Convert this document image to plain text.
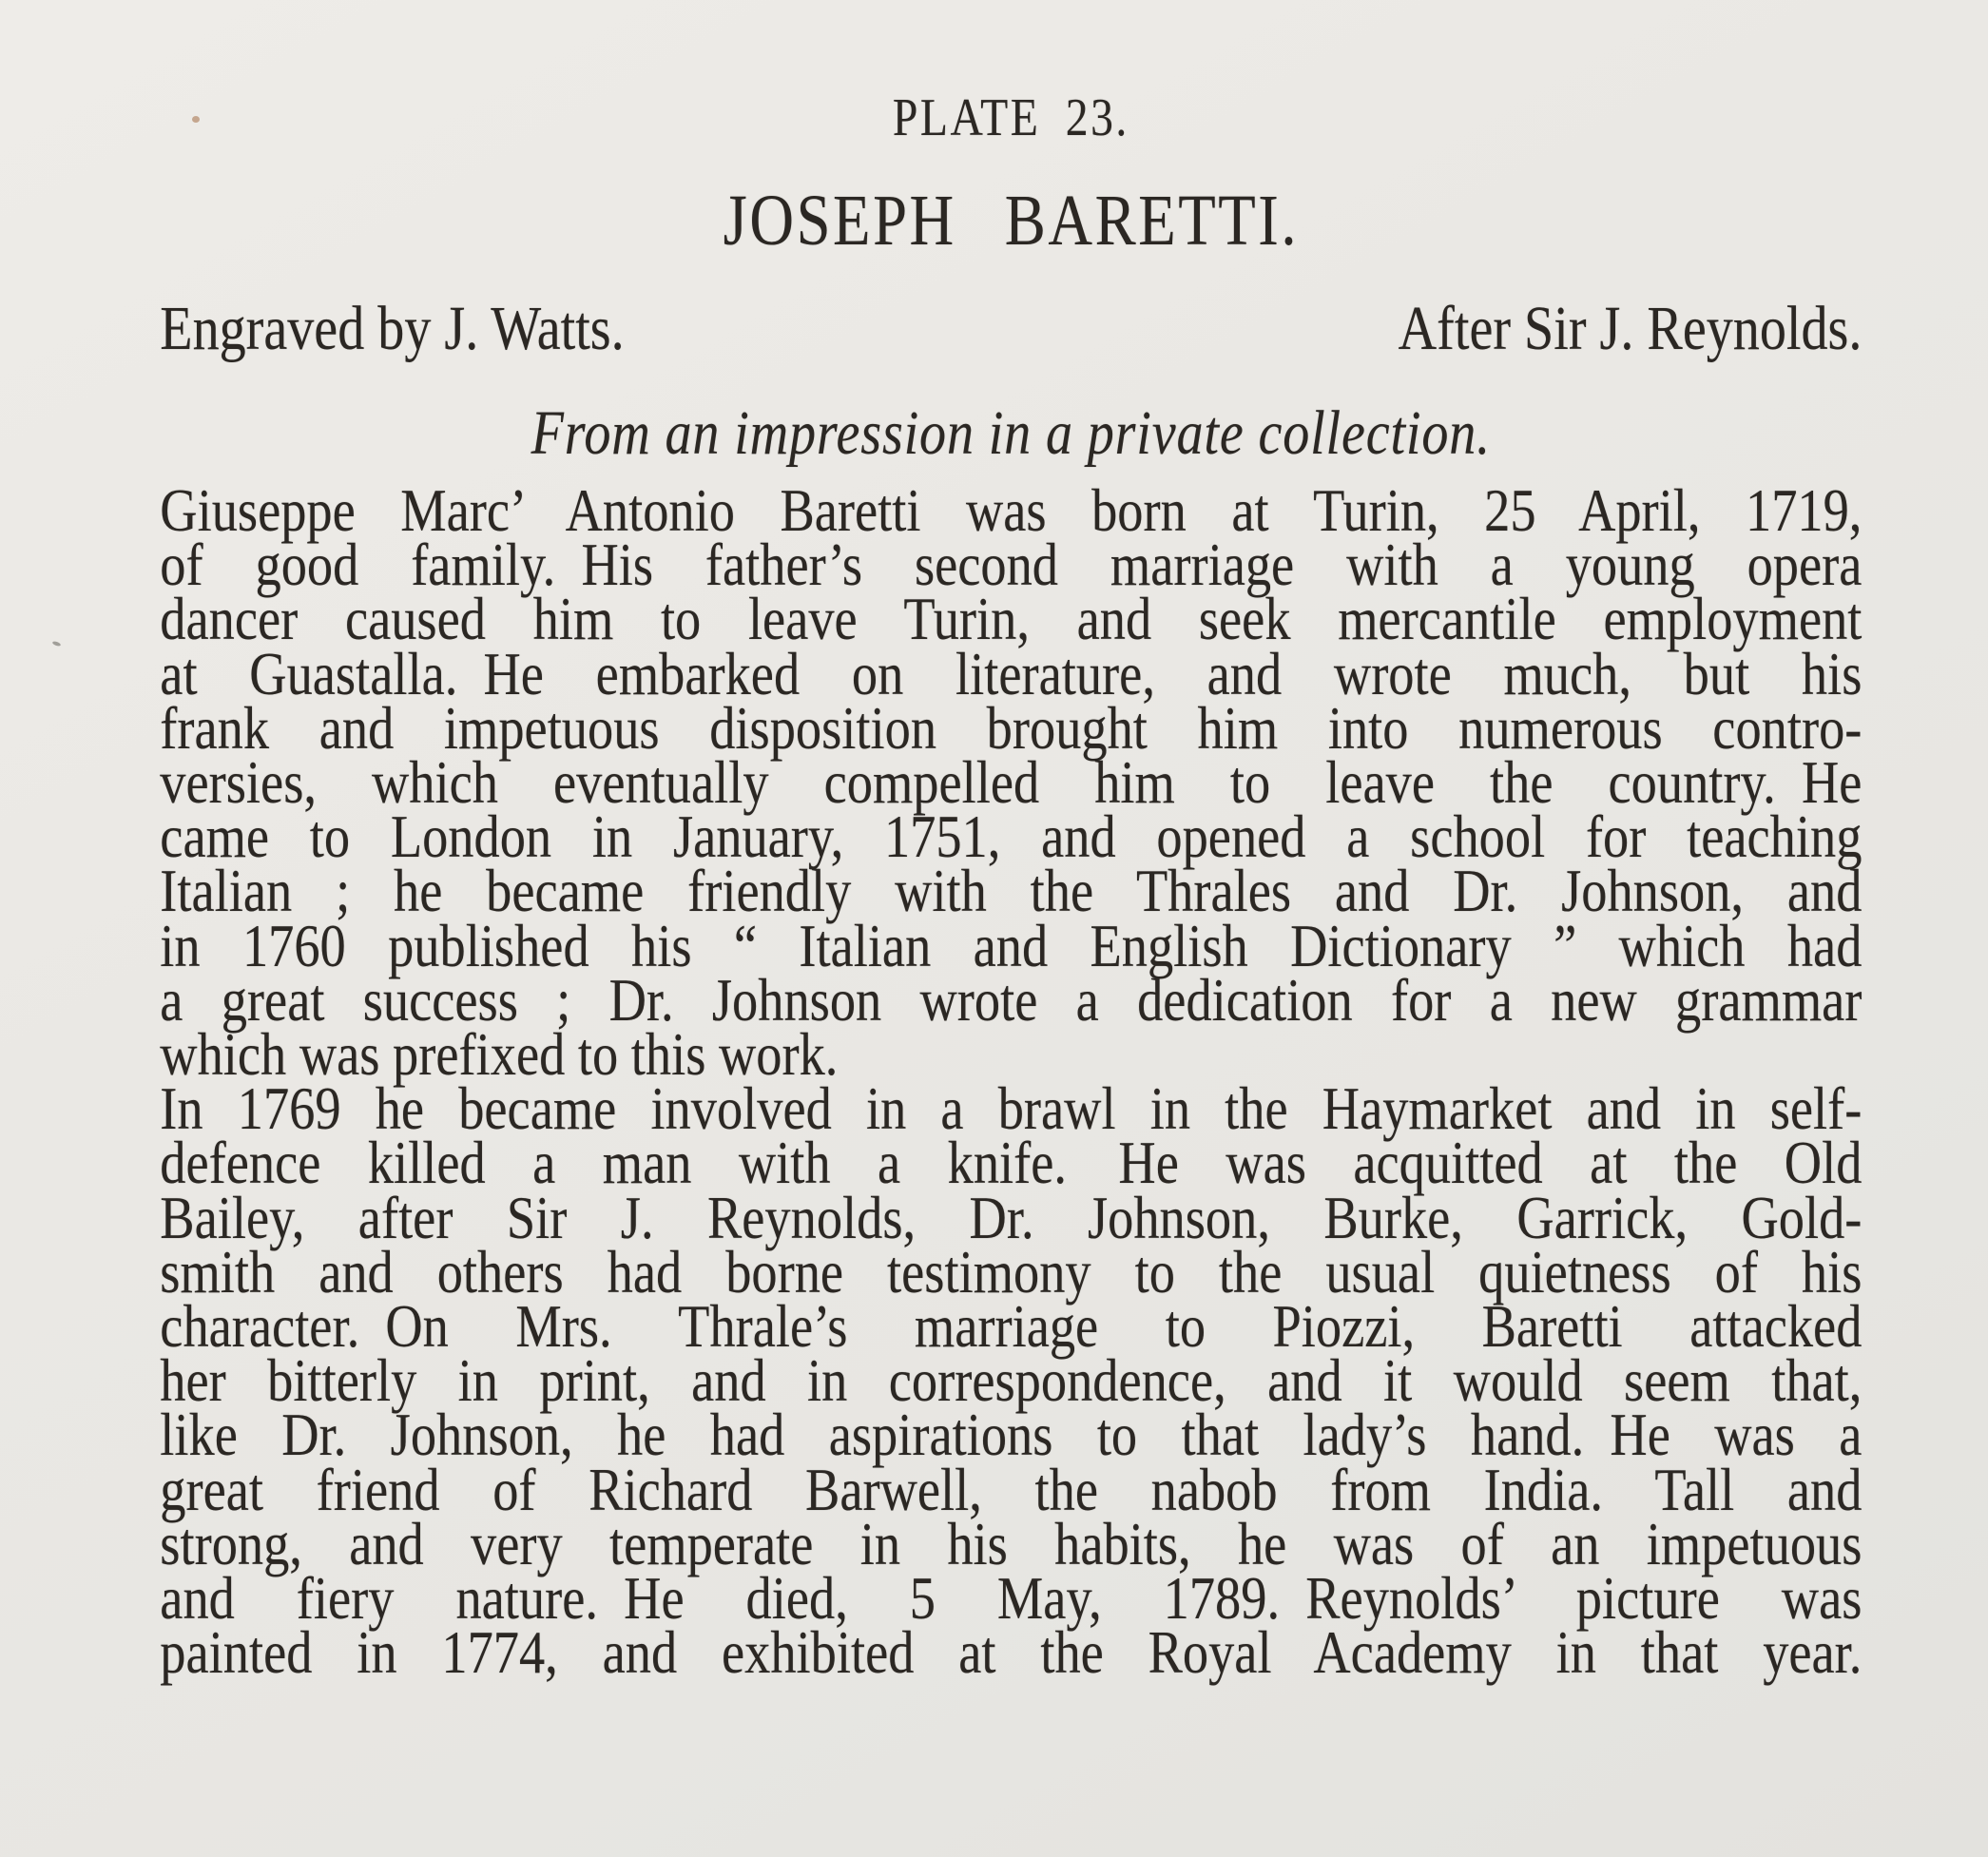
PLATE 23.
JOSEPH BARETTI.
Engraved by J. Watts.	After Sir J. Reynolds.
From an impression in a private collection.
Giuseppe Marc’ Antonio Baretti was born at Turin, 25 April, 1719,
of good family. His father’s second marriage with a young opera
dancer caused him to leave Turin, and seek mercantile employment
at Guastalla. He embarked on literature, and wrote much, but his
frank and impetuous disposition brought him into numerous contro-
versies, which eventually compelled him to leave the country. He
came to London in January, 1751, and opened a school for teaching
Italian ; he became friendly with the Thrales and Dr. Johnson, and
in 1760 published his “ Italian and English Dictionary ” which had
a great success ; Dr. Johnson wrote a dedication for a new grammar
which was prefixed to this work.
In 1769 he became involved in a brawl in the Haymarket and in self-
defence killed a man with a knife.  He was acquitted at the Old
Bailey, after Sir J. Reynolds, Dr. Johnson, Burke, Garrick, Gold-
smith and others had borne testimony to the usual quietness of his
character. On Mrs. Thrale’s marriage to Piozzi, Baretti attacked
her bitterly in print, and in correspondence, and it would seem that,
like Dr. Johnson, he had aspirations to that lady’s hand. He was a
great friend of Richard Barwell, the nabob from India.  Tall and
strong, and very temperate in his habits, he was of an impetuous
and fiery nature. He died, 5 May, 1789. Reynolds’ picture was
painted in 1774, and exhibited at the Royal Academy in that year.
